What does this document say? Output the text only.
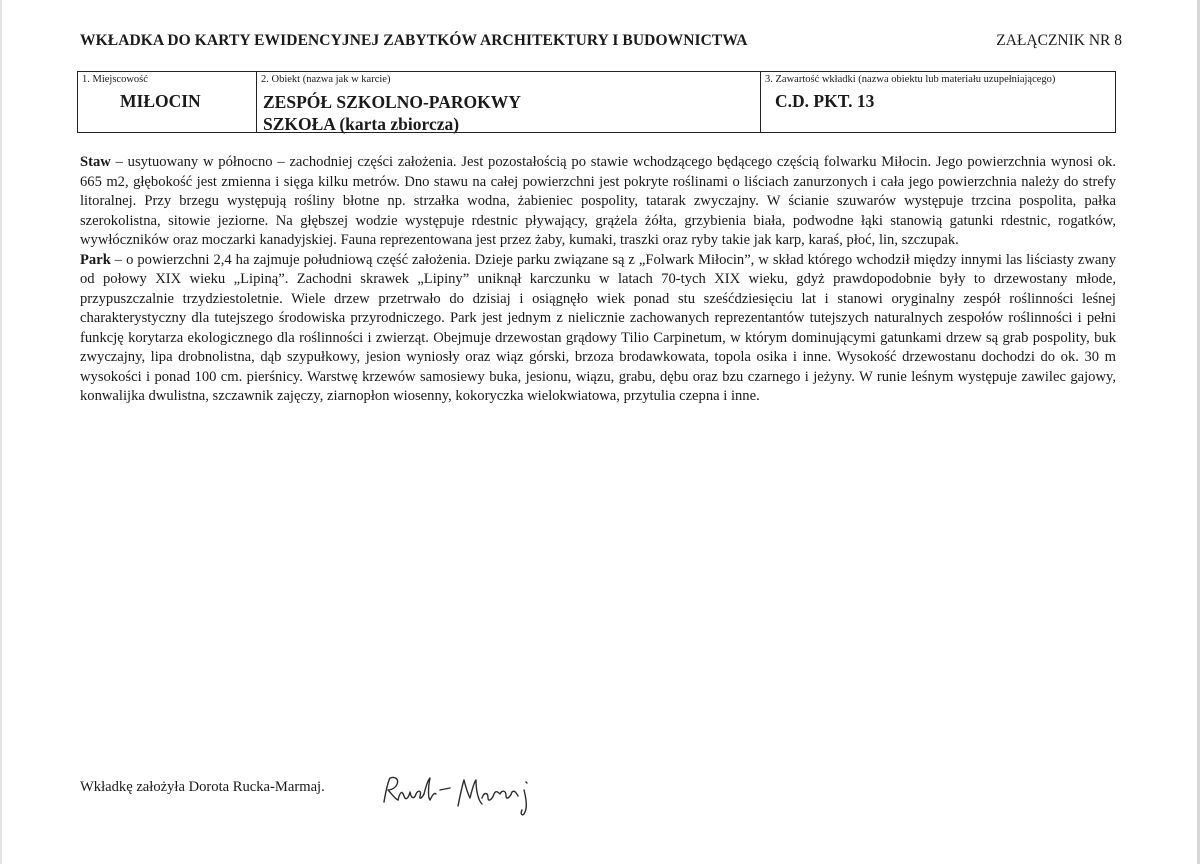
WKŁADKA DO KARTY EWIDENCYJNEJ ZABYTKÓW ARCHITEKTURY I BUDOWNICTWA	ZAŁĄCZNIK NR 8
1. Miejscowość
MIŁOCIN
2. Obiekt (nazwa jak w karcie)
ZESPÓŁ SZKOLNO-PAROKWY
SZKOŁA (karta zbiorcza)
3. Zawartość wkładki (nazwa obiektu lub materiału uzupełniającego)
C.D. PKT. 13

Staw – usytuowany w północno – zachodniej części założenia. Jest pozostałością po stawie wchodzącego będącego częścią folwarku Miłocin. Jego powierzchnia wynosi ok. 665 m2, głębokość jest zmienna i sięga kilku metrów. Dno stawu na całej powierzchni jest pokryte roślinami o liściach zanurzonych i cała jego powierzchnia należy do strefy litoralnej. Przy brzegu występują rośliny błotne np. strzałka wodna, żabieniec pospolity, tatarak zwyczajny. W ścianie szuwarów występuje trzcina pospolita, pałka szerokolistna, sitowie jeziorne. Na głębszej wodzie występuje rdestnic pływający, grążela żółta, grzybienia biała, podwodne łąki stanowią gatunki rdestnic, rogatków, wywłóczników oraz moczarki kanadyjskiej. Fauna reprezentowana jest przez żaby, kumaki, traszki oraz ryby takie jak karp, karaś, płoć, lin, szczupak.

Park – o powierzchni 2,4 ha zajmuje południową część założenia. Dzieje parku związane są z „Folwark Miłocin”, w skład którego wchodził między innymi las liściasty zwany od połowy XIX wieku „Lipiną”. Zachodni skrawek „Lipiny” uniknął karczunku w latach 70-tych XIX wieku, gdyż prawdopodobnie były to drzewostany młode, przypuszczalnie trzydziestoletnie. Wiele drzew przetrwało do dzisiaj i osiągnęło wiek ponad stu sześćdziesięciu lat i stanowi oryginalny zespół roślinności leśnej charakterystyczny dla tutejszego środowiska przyrodniczego. Park jest jednym z nielicznie zachowanych reprezentantów tutejszych naturalnych zespołów roślinności i pełni funkcję korytarza ekologicznego dla roślinności i zwierząt. Obejmuje drzewostan grądowy Tilio Carpinetum, w którym dominującymi gatunkami drzew są grab pospolity, buk zwyczajny, lipa drobnolistna, dąb szypułkowy, jesion wyniosły oraz wiąz górski, brzoza brodawkowata, topola osika i inne. Wysokość drzewostanu dochodzi do ok. 30 m wysokości i ponad 100 cm. pierśnicy. Warstwę krzewów samosiewy buka, jesionu, wiązu, grabu, dębu oraz bzu czarnego i jeżyny. W runie leśnym występuje zawilec gajowy, konwalijka dwulistna, szczawnik zajęczy, ziarnopłon wiosenny, kokoryczka wielokwiatowa, przytulia czepna i inne.

Wkładkę założyła Dorota Rucka-Marmaj.
